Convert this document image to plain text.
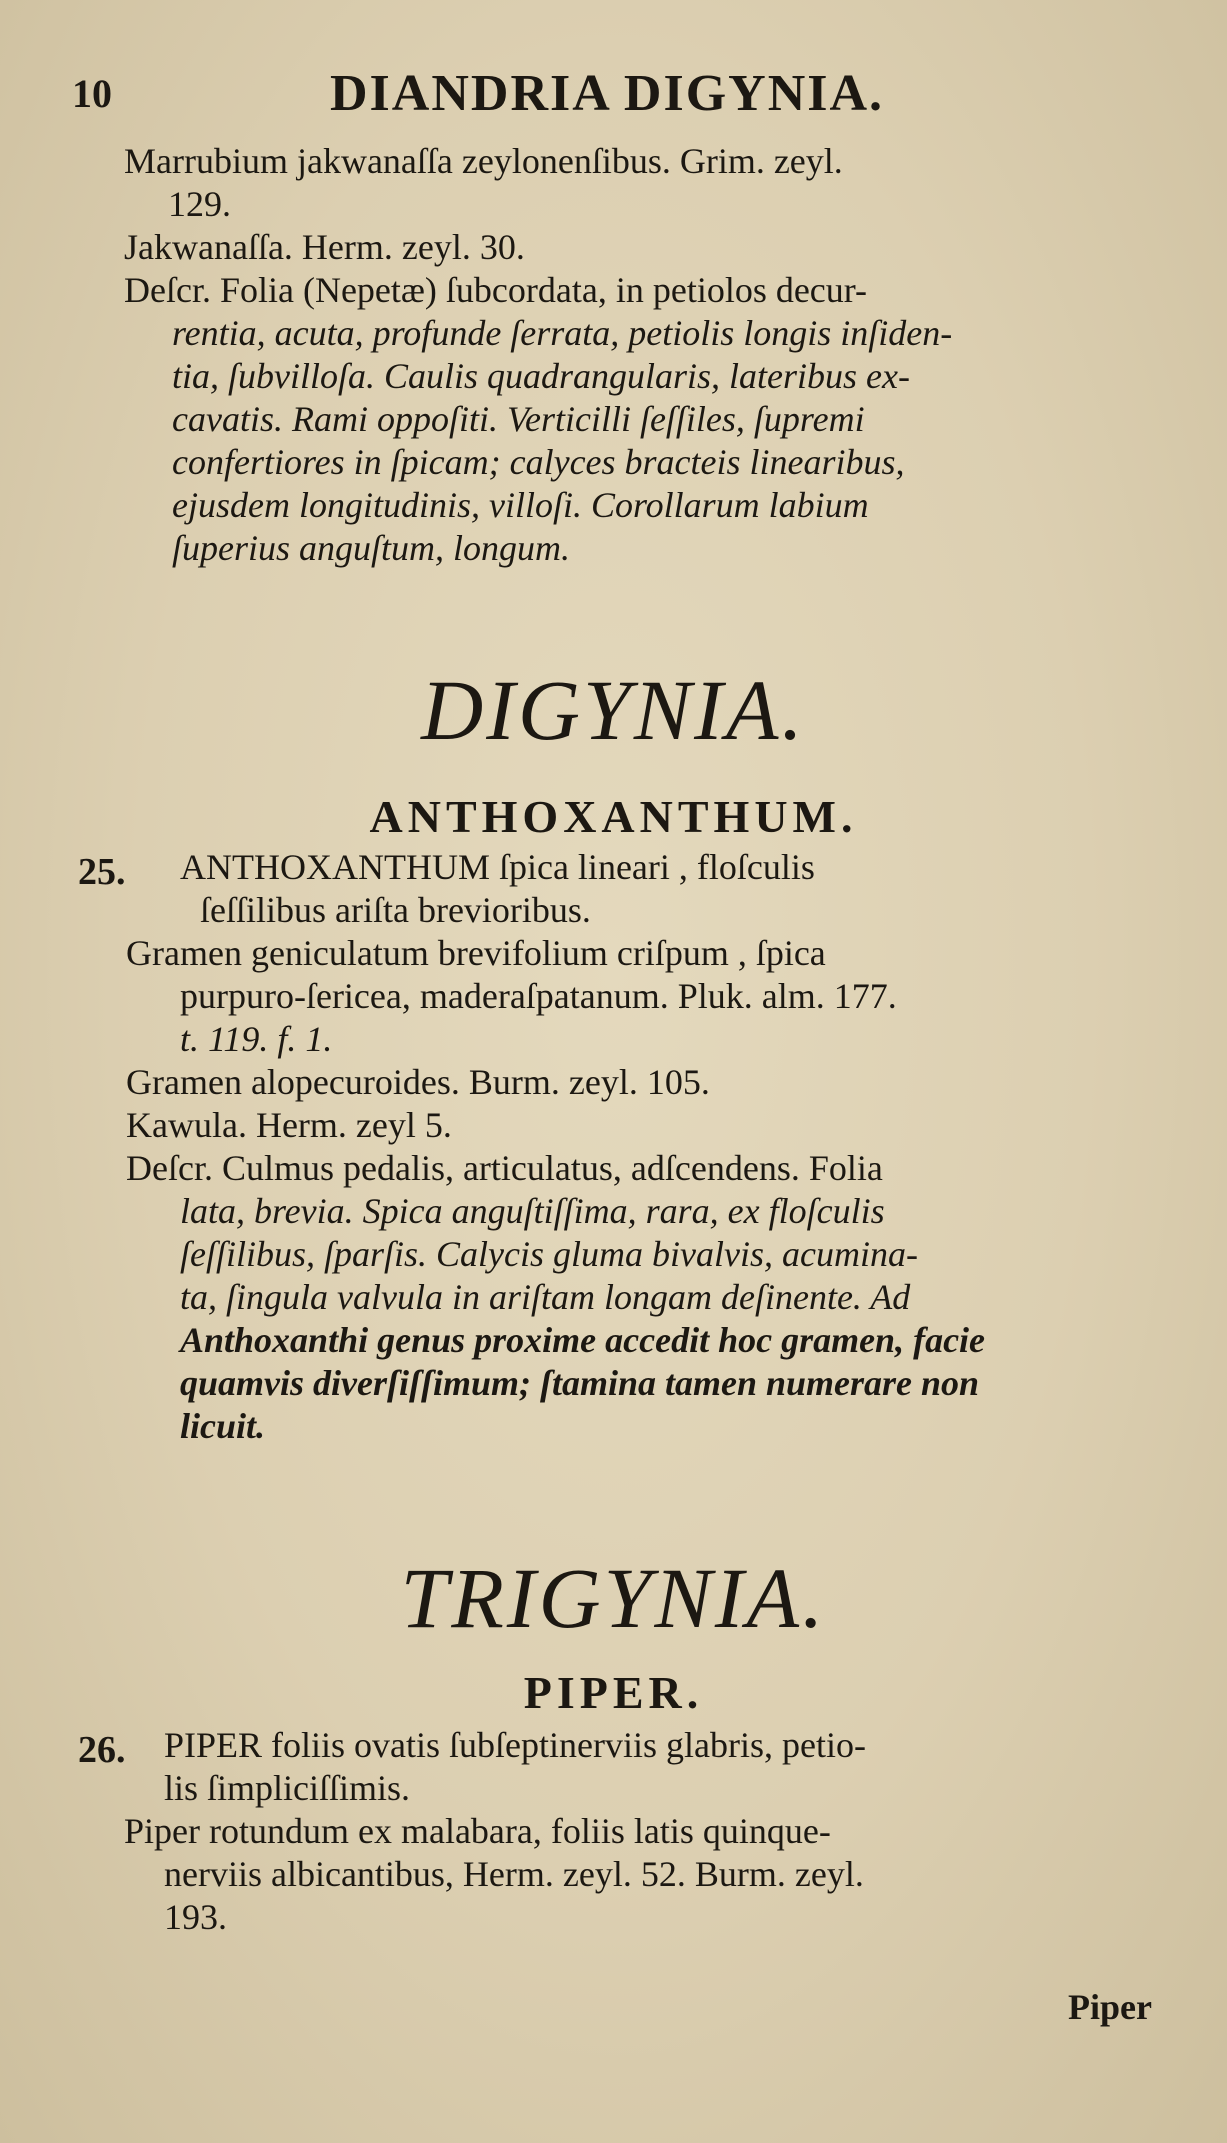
10	DIANDRIA DIGYNIA.

Marrubium jakwanaſſa zeylonenſibus. Grim. zeyl.

129.

Jakwanaſſa. Herm. zeyl. 30.

Deſcr. Folia (Nepetæ) ſubcordata, in petiolos decur-

rentia, acuta, profunde ſerrata, petiolis longis inſiden-

tia, ſubvilloſa. Caulis quadrangularis, lateribus ex-

cavatis. Rami oppoſiti. Verticilli ſeſſiles, ſupremi

confertiores in ſpicam; calyces bracteis linearibus,

ejusdem longitudinis, villoſi. Corollarum labium

ſuperius anguſtum, longum.

DIGYNIA.
ANTHOXANTHUM.
25. ANTHOXANTHUM ſpica lineari , floſculis

ſeſſilibus ariſta brevioribus.

Gramen geniculatum brevifolium criſpum , ſpica

purpuro-ſericea, maderaſpatanum. Pluk. alm. 177.

t. 119. f. 1.

Gramen alopecuroides. Burm. zeyl. 105.

Kawula. Herm. zeyl 5.

Deſcr. Culmus pedalis, articulatus, adſcendens. Folia

lata, brevia. Spica anguſtiſſima, rara, ex floſculis

ſeſſilibus, ſparſis. Calycis gluma bivalvis, acumina-

ta, ſingula valvula in ariſtam longam deſinente. Ad

Anthoxanthi genus proxime accedit hoc gramen, facie

quamvis diverſiſſimum; ſtamina tamen numerare non

licuit.

TRIGYNIA.
PIPER.
26. PIPER foliis ovatis ſubſeptinerviis glabris, petio-

lis ſimpliciſſimis.

Piper rotundum ex malabara, foliis latis quinque-

nerviis albicantibus, Herm. zeyl. 52. Burm. zeyl.

193.

Piper
